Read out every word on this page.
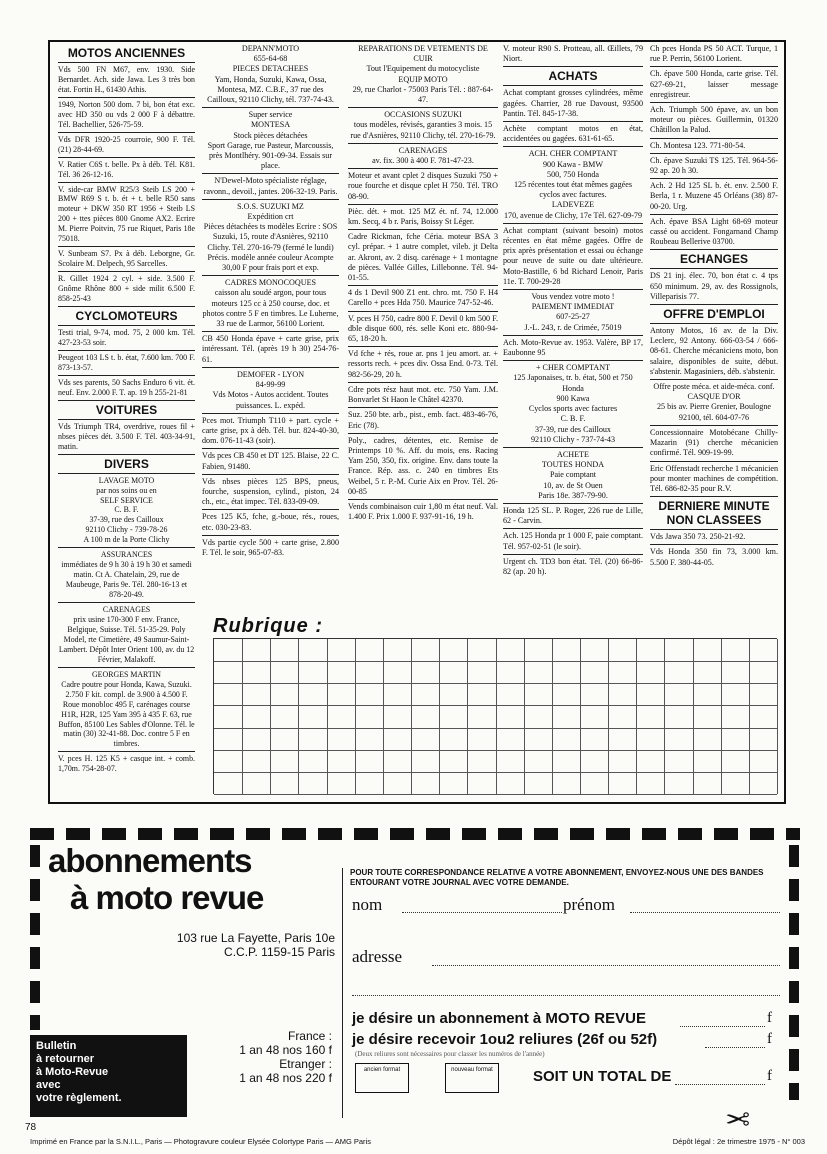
MOTOS ANCIENNES
Vds 500 FN M67, env. 1930. Side Bernardet. Ach. side Jawa. Les 3 très bon état. Fortin H., 61430 Athis.
1949, Norton 500 dom. 7 bi, bon état exc. avec HD 350 ou vds 2 000 F à débattre. Tél. Bachellier, 526-75-59.
Vds DFR 1920-25 courroie, 900 F. Tél. (21) 28-44-69.
V. Ratier C6S t. belle. Px à déb. Tél. K81. Tél. 36 26-12-16.
V. side-car BMW R25/3 Steib LS 200 + BMW R69 S t. b. ét + t. belle R50 sans moteur + DKW 350 RT 1956 + Steib LS 200 + ttes pièces 800 Gnome AX2. Ecrire M. Pierre Poitvin, 75 rue Riquet, Paris 18e 75018.
V. Sunbeam S7. Px à déb. Leborgne, Gr. Scolaire M. Delpech, 95 Sarcelles.
R. Gillet 1924 2 cyl. + side. 3.500 F. Gnôme Rhône 800 + side milit 6.500 F. 858-25-43
CYCLOMOTEURS
Testi trial, 9-74, mod. 75, 2 000 km. Tél. 427-23-53 soir.
Peugeot 103 LS t. b. état, 7.600 km. 700 F. 873-13-57.
Vds ses parents, 50 Sachs Enduro 6 vit. ét. neuf. Env. 2.000 F. T. ap. 19 h 255-21-81
VOITURES
Vds Triumph TR4, overdrive, roues fil + nbses pièces dét. 3.500 F. Tél. 403-34-91, matin.
DIVERS
LAVAGE MOTO
par nos soins ou en
SELF SERVICE
C. B. F.
37-39, rue des Cailloux
92110 Clichy - 739-78-26
A 100 m de la Porte Clichy
ASSURANCES
immédiates de 9 h 30 à 19 h 30 et samedi matin. Ct A. Chatelain, 29, rue de Maubeuge, Paris 9e. Tél. 280-16-13 et 878-20-49.
CARENAGES
prix usine 170-300 F env. France, Belgique, Suisse. Tél. 51-35-29. Poly Model, rte Cimetière, 49 Saumur-Saint-Lambert. Dépôt Inter Orient 100, av. du 12 Février, Malakoff.
GEORGES MARTIN
Cadre poutre pour Honda, Kawa, Suzuki. 2.750 F kit. compl. de 3.900 à 4.500 F. Roue monobloc 495 F, carénages course H1R, H2R, 125 Yam 395 à 435 F. 63, rue Buffon, 85100 Les Sables d'Olonne. Tél. le matin (30) 32-41-88. Doc. contre 5 F en timbres.
V. pces H. 125 K5 + casque int. + comb. 1,70m. 754-28-07.
DEPANN'MOTO
655-64-68
PIECES DETACHEES
Yam, Honda, Suzuki, Kawa, Ossa, Montesa, MZ. C.B.F., 37 rue des Cailloux, 92110 Clichy, tél. 737-74-43.
Super service
MONTESA
Stock pièces détachées
Sport Garage, rue Pasteur, Marcoussis, près Montlhéry. 901-09-34. Essais sur place.
N'Dewel-Moto spécialiste réglage, ravonn., devoil., jantes. 206-32-19. Paris.
S.O.S. SUZUKI MZ
Expédition crt
Pièces détachées ts modèles Ecrire : SOS Suzuki, 15, route d'Asnières, 92110 Clichy. Tél. 270-16-79 (fermé le lundi) Précis. modèle année couleur Acompte 30,00 F pour frais port et exp.
CADRES MONOCOQUES
caisson alu soudé argon, pour tous moteurs 125 cc à 250 course, doc. et photos contre 5 F en timbres. Le Luherne, 33 rue de Larmor, 56100 Lorient.
CB 450 Honda épave + carte grise, prix intéressant. Tél. (après 19 h 30) 254-76-61.
DEMOFER - LYON
84-99-99
Vds Motos - Autos accident. Toutes puissances. L. expéd.
Pces mot. Triumph T110 + part. cycle + carte grise, px à déb. Tél. bur. 824-40-30, dom. 076-11-43 (soir).
Vds pces CB 450 et DT 125. Blaise, 22 C. Fabien, 91480.
Vds nbses pièces 125 BPS, pneus, fourche, suspension, cylind., piston, 24 ch., etc., état impec. Tél. 833-09-09.
Pces 125 K5, fche, g.-boue, rés., roues, etc. 030-23-83.
Vds partie cycle 500 + carte grise, 2.800 F. Tél. le soir, 965-07-83.
REPARATIONS DE VETEMENTS DE CUIR
Tout l'Equipement du motocycliste
EQUIP MOTO
29, rue Charlot - 75003 Paris Tél. : 887-64-47.
OCCASIONS SUZUKI
tous modèles, révisés, garanties 3 mois. 15 rue d'Asnières, 92110 Clichy, tél. 270-16-79.
CARENAGES
av. fix. 300 à 400 F. 781-47-23.
Moteur et avant cplet 2 disques Suzuki 750 + roue fourche et disque cplet H 750. Tél. TRO 08-90.
Pièc. dét. + mot. 125 MZ ét. nf. 74, 12.000 km. Secq, 4 b r. Paris, Boissy St Léger.
Cadre Rickman, fche Céria. moteur BSA 3 cyl. prépar. + 1 autre complet, vileb. jt Delta ar. Akront, av. 2 disq. carénage + 1 montagne de pièces. Vallée Gilles, Lillebonne. Tél. 94-01-55.
4 ds 1 Devil 900 Z1 ent. chro. mt. 750 F. H4 Carello + pces Hda 750. Maurice 747-52-46.
V. pces H 750, cadre 800 F. Devil 0 km 500 F. dble disque 600, rés. selle Koni etc. 880-94-65, 18-20 h.
Vd fche + rés, roue ar. pns 1 jeu amort. ar. + ressorts rech. + pces div. Ossa End. 0-73. Tél. 982-56-29, 20 h.
Cdre pots rész haut mot. etc. 750 Yam. J.M. Bonvarlet St Haon le Châtel 42370.
Suz. 250 bte. arb., pist., emb. fact. 483-46-76, Eric (78).
Poly., cadres, détentes, etc. Remise de Printemps 10 %. Aff. du mois, ens. Racing Yam 250, 350, fix. origine. Env. dans toute la France. Rép. ass. c. 240 en timbres Ets Weibel, 5 r. P.-M. Curie Aix en Prov. Tél. 26-00-85
Vends combinaison cuir 1,80 m état neuf. Val. 1.400 F. Prix 1.000 F. 937-91-16, 19 h.
V. moteur R90 S. Protteau, all. Œillets, 79 Niort.
ACHATS
Achat comptant grosses cylindrées, même gagées. Charrier, 28 rue Davoust, 93500 Pantin. Tél. 845-17-38.
Achète comptant motos en état, accidentées ou gagées. 631-61-65.
ACH. CHER COMPTANT
900 Kawa - BMW
500, 750 Honda
125 récentes tout état mêmes gagées
cyclos avec factures.
LADEVEZE
170, avenue de Clichy, 17e Tél. 627-09-79
Achat comptant (suivant besoin) motos récentes en état même gagées. Offre de prix après présentation et essai ou échange pour neuve de suite ou date ultérieure. Moto-Bastille, 6 bd Richard Lenoir, Paris 11e. T. 700-29-28
Vous vendez votre moto !
PAIEMENT IMMEDIAT
607-25-27
J.-L. 243, r. de Crimée, 75019
Ach. Moto-Revue av. 1953. Valère, BP 17, Eaubonne 95
+ CHER COMPTANT
125 Japonaises, tr. b. état, 500 et 750 Honda
900 Kawa
Cyclos sports avec factures
C. B. F.
37-39, rue des Cailloux
92110 Clichy - 737-74-43
ACHETE
TOUTES HONDA
Paie comptant
10, av. de St Ouen
Paris 18e. 387-79-90.
Honda 125 SL. P. Roger, 226 rue de Lille, 62 - Carvin.
Ach. 125 Honda pr 1 000 F, paie comptant. Tél. 957-02-51 (le soir).
Urgent ch. TD3 bon état. Tél. (20) 66-86-82 (ap. 20 h).
Ch pces Honda PS 50 ACT. Turque, 1 rue P. Perrin, 56100 Lorient.
Ch. épave 500 Honda, carte grise. Tél. 627-69-21, laisser message enregistreur.
Ach. Triumph 500 épave, av. un bon moteur ou pièces. Guillermin, 01320 Châtillon la Palud.
Ch. Montesa 123. 771-80-54.
Ch. épave Suzuki TS 125. Tél. 964-56-92 ap. 20 h 30.
Ach. 2 Hd 125 SL b. ét. env. 2.500 F. Berla, 1 r. Muzene 45 Orléans (38) 87-00-20. Urg.
Ach. épave BSA Light 68-69 moteur cassé ou accident. Fongarnand Champ Roubeau Bellerive 03700.
ECHANGES
DS 21 inj. élec. 70, bon état c. 4 tps 650 minimum. 29, av. des Rossignols, Villeparisis 77.
OFFRE D'EMPLOI
Antony Motos, 16 av. de la Div. Leclerc, 92 Antony. 666-03-54 / 666-08-61. Cherche mécaniciens moto, bon salaire, disponibles de suite, début. s'abstenir. Magasiniers, déb. s'abstenir.
Offre poste méca. et aide-méca. conf.
CASQUE D'OR
25 bis av. Pierre Grenier, Boulogne 92100, tél. 604-07-76
Concessionnaire Motobécane Chilly-Mazarin (91) cherche mécanicien confirmé. Tél. 909-19-99.
Eric Offenstadt recherche 1 mécanicien pour monter machines de compétition. Tél. 686-82-35 pour R.V.
DERNIERE MINUTE NON CLASSEES
Vds Jawa 350 73. 250-21-92.
Vds Honda 350 fin 73, 3.000 km. 5.500 F. 380-44-05.
Rubrique :
abonnements
à moto revue
103 rue La Fayette, Paris 10e
C.C.P. 1159-15 Paris
France :
1 an 48 nos 160 f
Etranger :
1 an 48 nos 220 f
Bulletin
à retourner
à Moto-Revue
avec
votre règlement.
POUR TOUTE CORRESPONDANCE RELATIVE A VOTRE ABONNEMENT, ENVOYEZ-NOUS UNE DES BANDES ENTOURANT VOTRE JOURNAL AVEC VOTRE DEMANDE.
nom	prénom
adresse
je désire un abonnement à MOTO REVUE	f
je désire recevoir 1ou2 reliures (26f ou 52f)	f
(Deux reliures sont nécessaires pour classer les numéros de l'année)
ancien format	nouveau format	SOIT UN TOTAL DE	f
✂
78
Imprimé en France par la S.N.I.L., Paris — Photogravure couleur Elysée Colortype Paris — AMG Paris	Dépôt légal : 2e trimestre 1975 - N° 003
